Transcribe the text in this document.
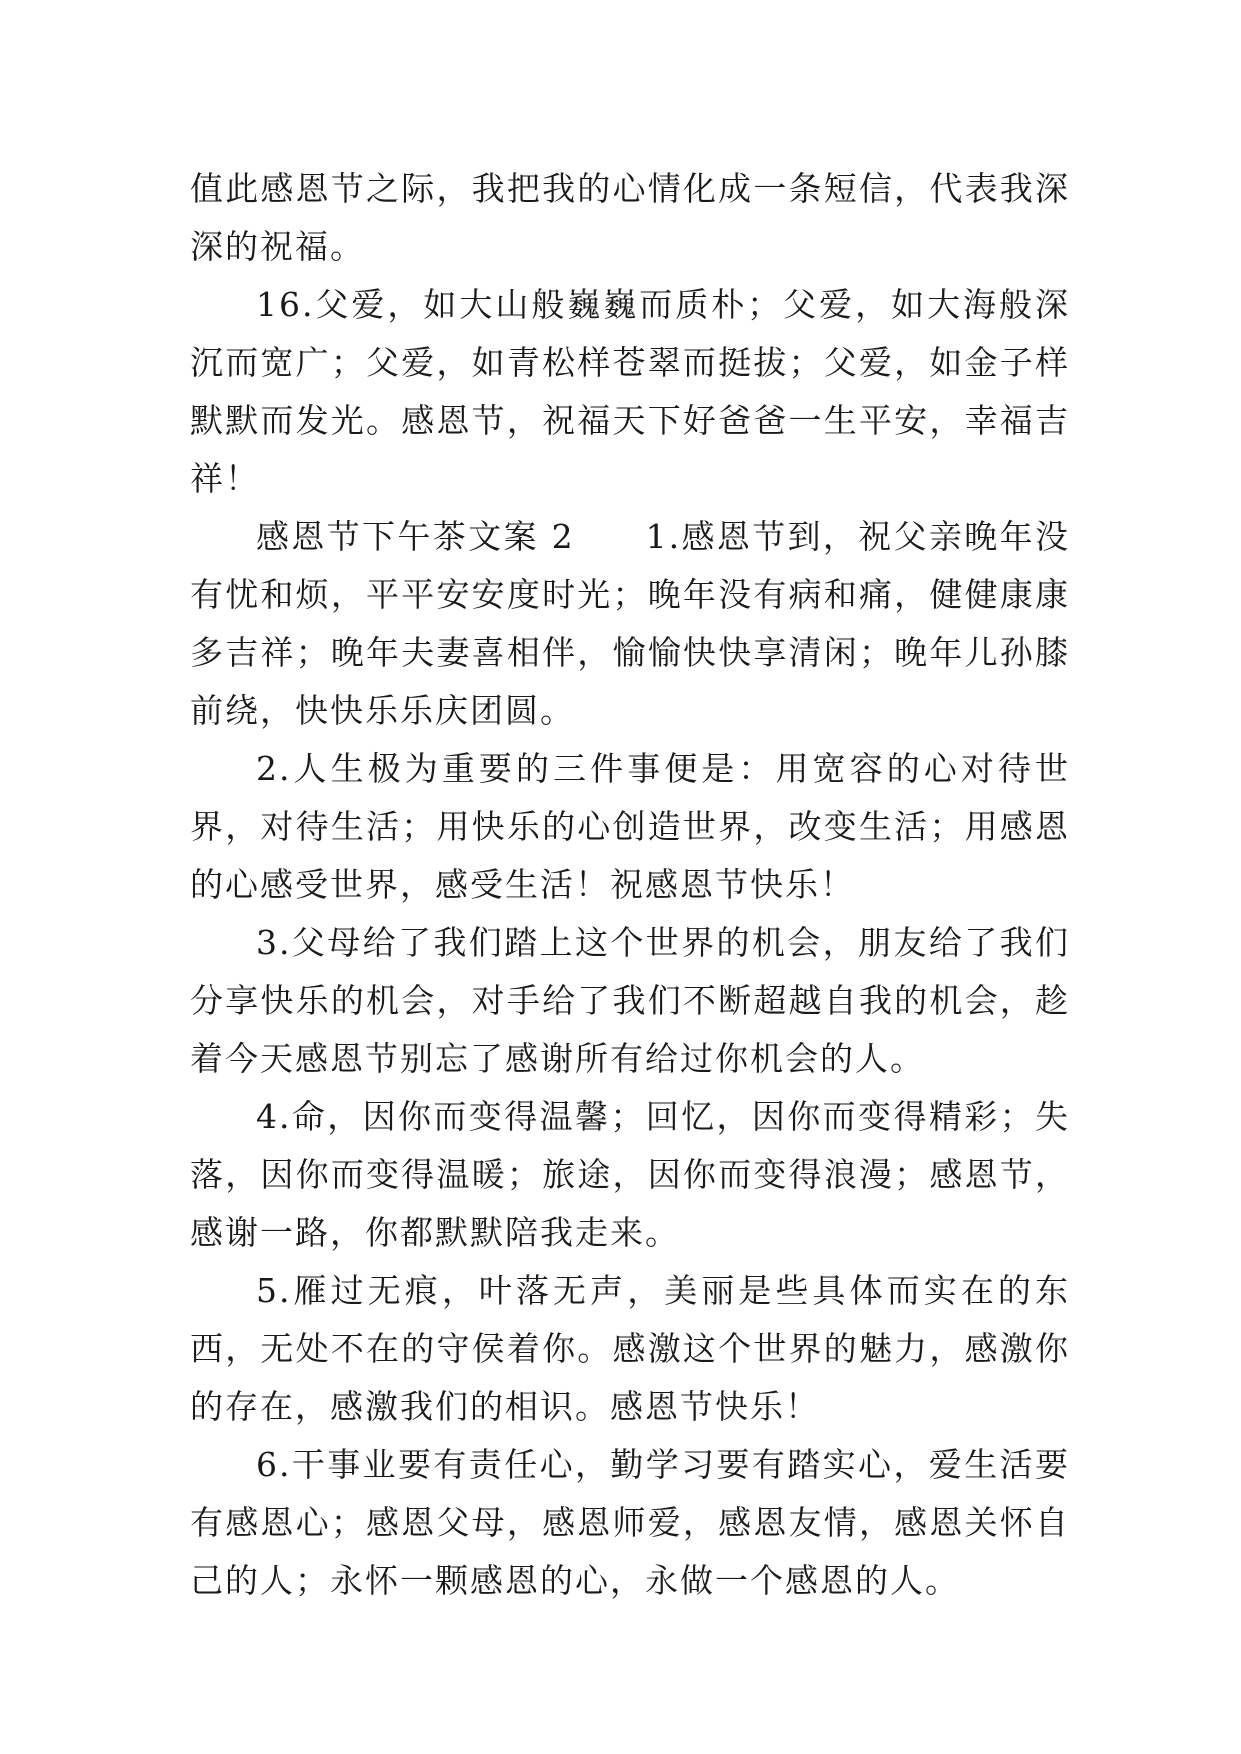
值此感恩节之际，我把我的心情化成一条短信，代表我深深的祝福。

16.父爱，如大山般巍巍而质朴；父爱，如大海般深沉而宽广；父爱，如青松样苍翠而挺拔；父爱，如金子样默默而发光。感恩节，祝福天下好爸爸一生平安，幸福吉祥！

感恩节下午茶文案 2　　1.感恩节到，祝父亲晚年没有忧和烦，平平安安度时光；晚年没有病和痛，健健康康多吉祥；晚年夫妻喜相伴，愉愉快快享清闲；晚年儿孙膝前绕，快快乐乐庆团圆。

2.人生极为重要的三件事便是：用宽容的心对待世界，对待生活；用快乐的心创造世界，改变生活；用感恩的心感受世界，感受生活！祝感恩节快乐！

3.父母给了我们踏上这个世界的机会，朋友给了我们分享快乐的机会，对手给了我们不断超越自我的机会，趁着今天感恩节别忘了感谢所有给过你机会的人。

4.命，因你而变得温馨；回忆，因你而变得精彩；失落，因你而变得温暖；旅途，因你而变得浪漫；感恩节，感谢一路，你都默默陪我走来。

5.雁过无痕，叶落无声，美丽是些具体而实在的东西，无处不在的守侯着你。感激这个世界的魅力，感激你的存在，感激我们的相识。感恩节快乐！

6.干事业要有责任心，勤学习要有踏实心，爱生活要有感恩心；感恩父母，感恩师爱，感恩友情，感恩关怀自己的人；永怀一颗感恩的心，永做一个感恩的人。
